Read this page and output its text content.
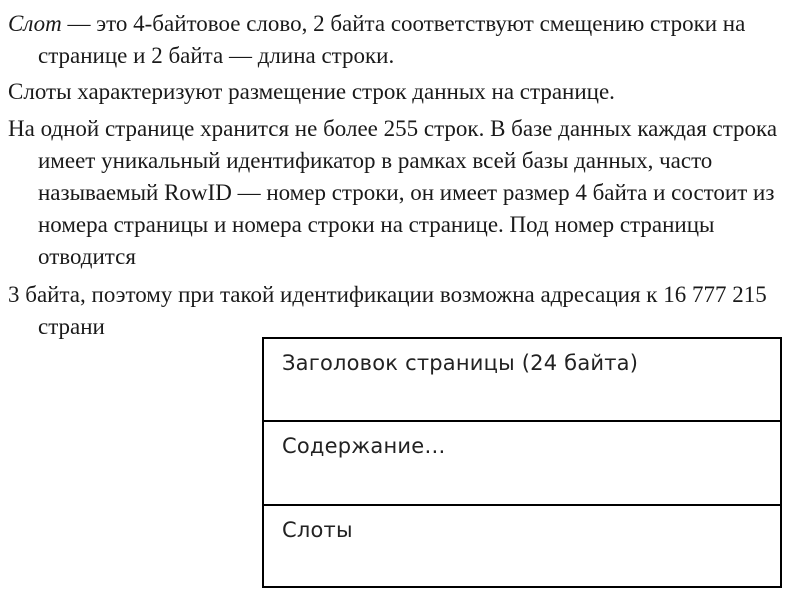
Слот — это 4-байтовое слово, 2 байта соответствуют смещению строки на странице и 2 байта — длина строки.

Слоты характеризуют размещение строк данных на странице.

На одной странице хранится не более 255 строк. В базе данных каждая строка имеет уникальный идентификатор в рамках всей базы данных, часто называемый RowID — номер строки, он имеет размер 4 байта и состоит из номера страницы и номера строки на странице. Под номер страницы отводится

3 байта, поэтому при такой идентификации возможна адресация к 16 777 215 страни

Заголовок страницы (24 байта)
Содержание…
Слоты
